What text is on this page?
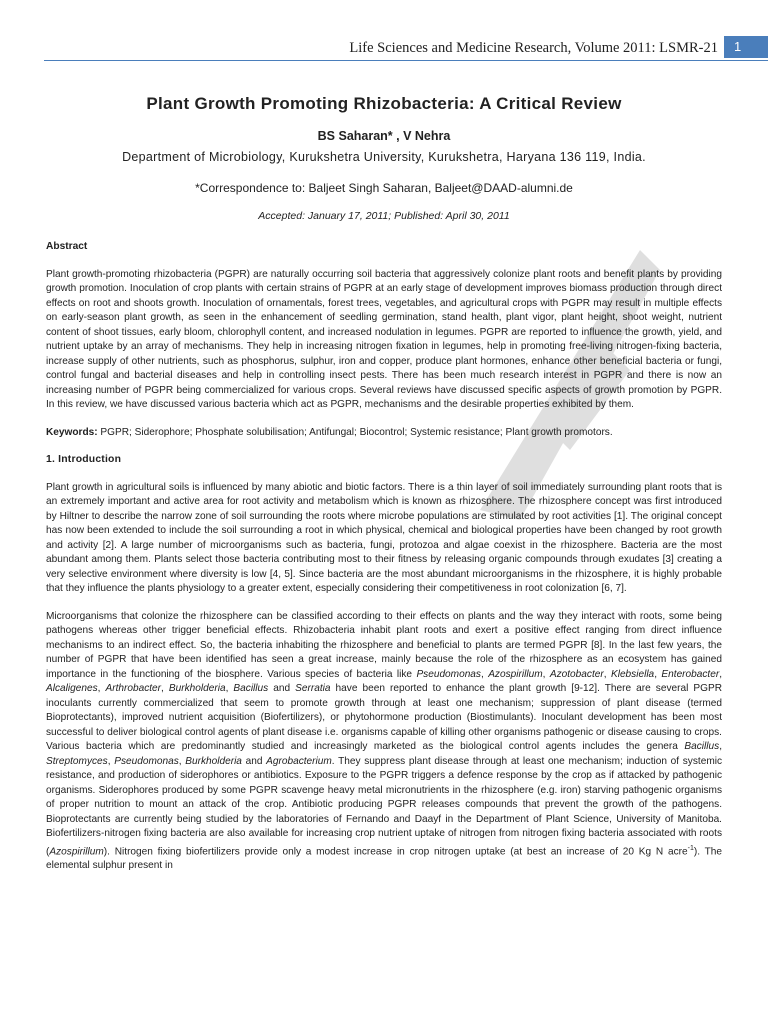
Life Sciences and Medicine Research, Volume 2011: LSMR-21	1
Plant Growth Promoting Rhizobacteria: A Critical Review
BS Saharan* , V Nehra
Department of Microbiology, Kurukshetra University, Kurukshetra, Haryana 136 119, India.
*Correspondence to: Baljeet Singh Saharan, Baljeet@DAAD-alumni.de
Accepted: January 17, 2011; Published: April 30, 2011
Abstract

Plant growth-promoting rhizobacteria (PGPR) are naturally occurring soil bacteria that aggressively colonize plant roots and benefit plants by providing growth promotion. Inoculation of crop plants with certain strains of PGPR at an early stage of development improves biomass production through direct effects on root and shoots growth. Inoculation of ornamentals, forest trees, vegetables, and agricultural crops with PGPR may result in multiple effects on early-season plant growth, as seen in the enhancement of seedling germination, stand health, plant vigor, plant height, shoot weight, nutrient content of shoot tissues, early bloom, chlorophyll content, and increased nodulation in legumes. PGPR are reported to influence the growth, yield, and nutrient uptake by an array of mechanisms. They help in increasing nitrogen fixation in legumes, help in promoting free-living nitrogen-fixing bacteria, increase supply of other nutrients, such as phosphorus, sulphur, iron and copper, produce plant hormones, enhance other beneficial bacteria or fungi, control fungal and bacterial diseases and help in controlling insect pests. There has been much research interest in PGPR and there is now an increasing number of PGPR being commercialized for various crops. Several reviews have discussed specific aspects of growth promotion by PGPR. In this review, we have discussed various bacteria which act as PGPR, mechanisms and the desirable properties exhibited by them.

Keywords: PGPR; Siderophore; Phosphate solubilisation; Antifungal; Biocontrol; Systemic resistance; Plant growth promotors.

1. Introduction

Plant growth in agricultural soils is influenced by many abiotic and biotic factors. There is a thin layer of soil immediately surrounding plant roots that is an extremely important and active area for root activity and metabolism which is known as rhizosphere. The rhizosphere concept was first introduced by Hiltner to describe the narrow zone of soil surrounding the roots where microbe populations are stimulated by root activities [1]. The original concept has now been extended to include the soil surrounding a root in which physical, chemical and biological properties have been changed by root growth and activity [2]. A large number of microorganisms such as bacteria, fungi, protozoa and algae coexist in the rhizosphere. Bacteria are the most abundant among them. Plants select those bacteria contributing most to their fitness by releasing organic compounds through exudates [3] creating a very selective environment where diversity is low [4, 5]. Since bacteria are the most abundant microorganisms in the rhizosphere, it is highly probable that they influence the plants physiology to a greater extent, especially considering their competitiveness in root colonization [6, 7].

Microorganisms that colonize the rhizosphere can be classified according to their effects on plants and the way they interact with roots, some being pathogens whereas other trigger beneficial effects. Rhizobacteria inhabit plant roots and exert a positive effect ranging from direct influence mechanisms to an indirect effect. So, the bacteria inhabiting the rhizosphere and beneficial to plants are termed PGPR [8]. In the last few years, the number of PGPR that have been identified has seen a great increase, mainly because the role of the rhizosphere as an ecosystem has gained importance in the functioning of the biosphere. Various species of bacteria like Pseudomonas, Azospirillum, Azotobacter, Klebsiella, Enterobacter, Alcaligenes, Arthrobacter, Burkholderia, Bacillus and Serratia have been reported to enhance the plant growth [9-12]. There are several PGPR inoculants currently commercialized that seem to promote growth through at least one mechanism; suppression of plant disease (termed Bioprotectants), improved nutrient acquisition (Biofertilizers), or phytohormone production (Biostimulants). Inoculant development has been most successful to deliver biological control agents of plant disease i.e. organisms capable of killing other organisms pathogenic or disease causing to crops. Various bacteria which are predominantly studied and increasingly marketed as the biological control agents includes the genera Bacillus, Streptomyces, Pseudomonas, Burkholderia and Agrobacterium. They suppress plant disease through at least one mechanism; induction of systemic resistance, and production of siderophores or antibiotics. Exposure to the PGPR triggers a defence response by the crop as if attacked by pathogenic organisms. Siderophores produced by some PGPR scavenge heavy metal micronutrients in the rhizosphere (e.g. iron) starving pathogenic organisms of proper nutrition to mount an attack of the crop. Antibiotic producing PGPR releases compounds that prevent the growth of the pathogens. Bioprotectants are currently being studied by the laboratories of Fernando and Daayf in the Department of Plant Science, University of Manitoba. Biofertilizers-nitrogen fixing bacteria are also available for increasing crop nutrient uptake of nitrogen from nitrogen fixing bacteria associated with roots (Azospirillum). Nitrogen fixing biofertilizers provide only a modest increase in crop nitrogen uptake (at best an increase of 20 Kg N acre$^{-1}$). The elemental sulphur present in
